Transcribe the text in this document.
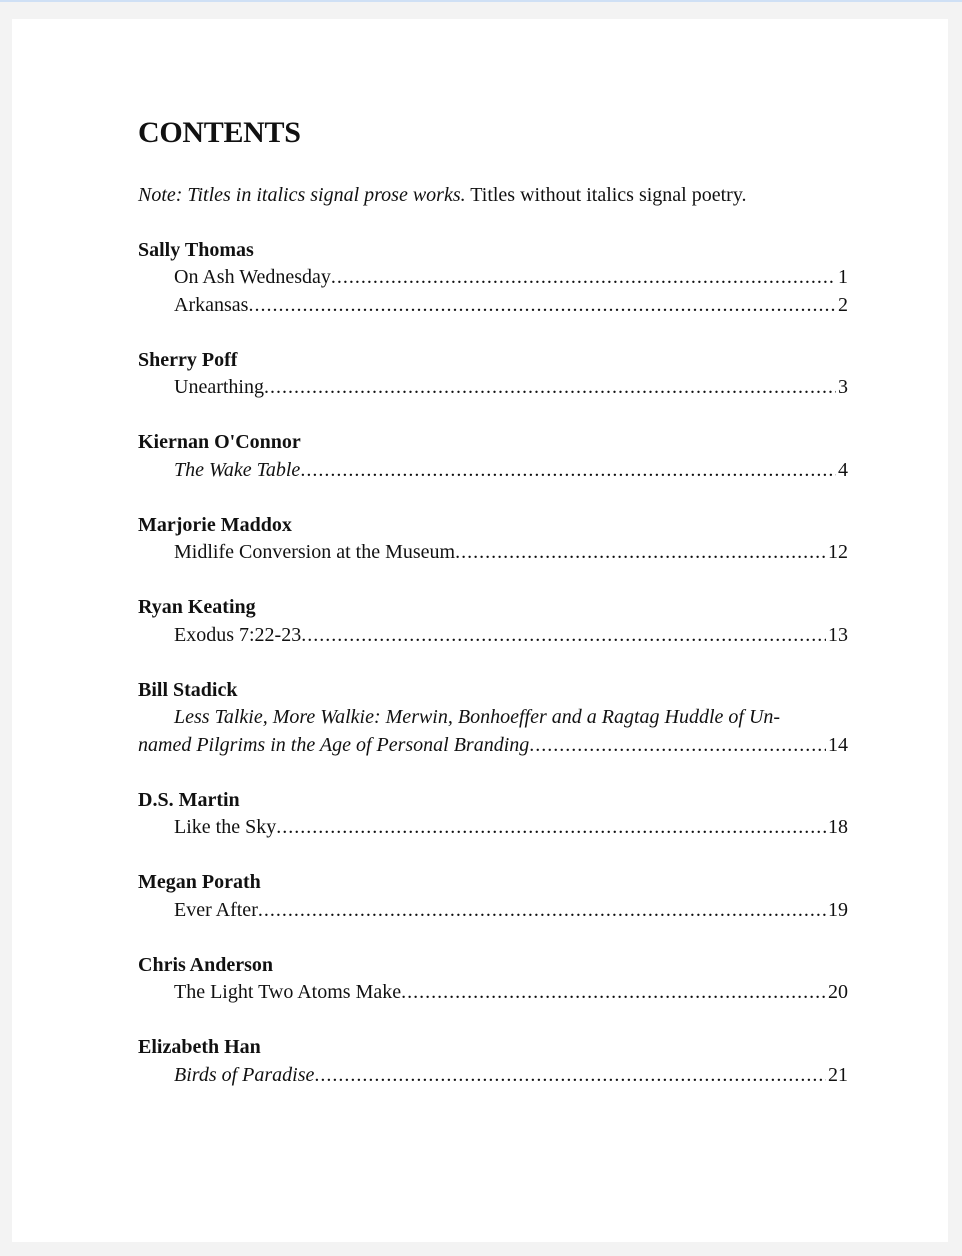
CONTENTS
Note: Titles in italics signal prose works. Titles without italics signal poetry.
Sally Thomas
On Ash Wednesday .....	1
Arkansas .....	2
Sherry Poff
Unearthing .....	3
Kiernan O'Connor
The Wake Table .....	4
Marjorie Maddox
Midlife Conversion at the Museum .....	12
Ryan Keating
Exodus 7:22-23 .....	13
Bill Stadick
Less Talkie, More Walkie: Merwin, Bonhoeffer and a Ragtag Huddle of Un-
named Pilgrims in the Age of Personal Branding .....	14
D.S. Martin
Like the Sky .....	18
Megan Porath
Ever After .....	19
Chris Anderson
The Light Two Atoms Make .....	20
Elizabeth Han
Birds of Paradise .....	21
